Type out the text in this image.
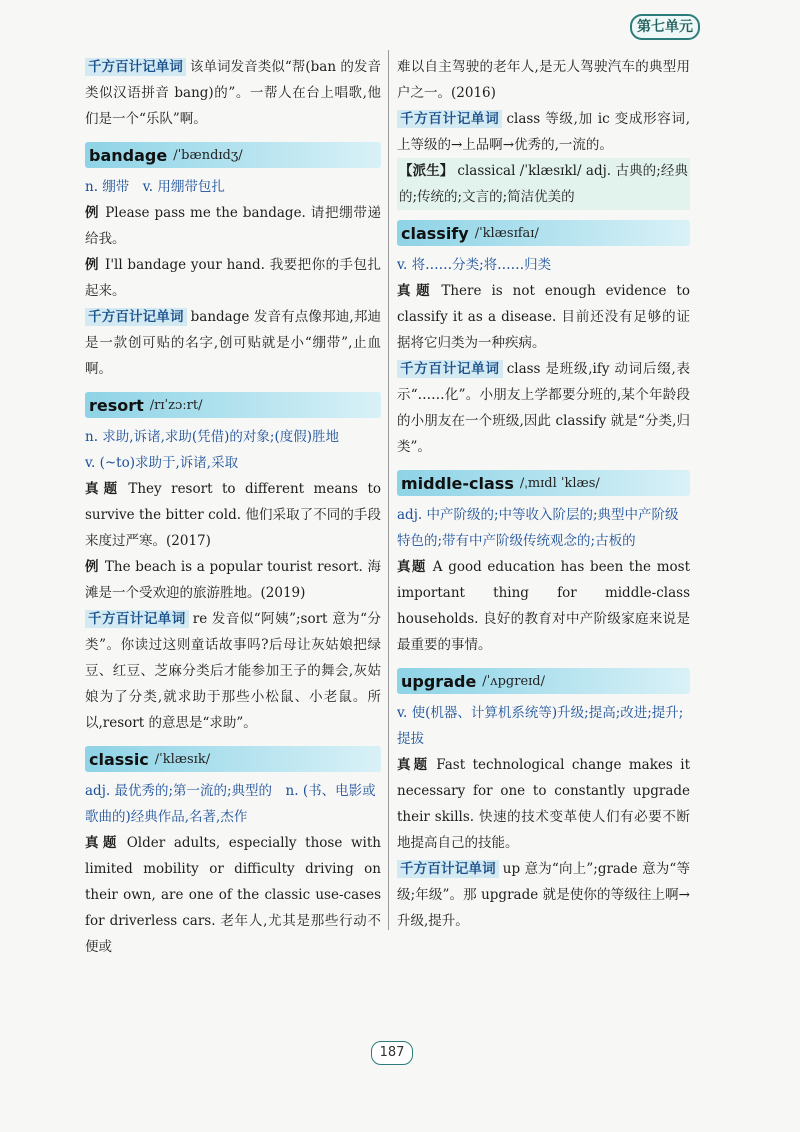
第七单元

千方百计记单词 该单词发音类似“帮(ban 的发音类似汉语拼音 bang)的”。一帮人在台上唱歌,他们是一个“乐队”啊。

bandage /ˈbændɪdʒ/

n. 绷带　v. 用绷带包扎

例 Please pass me the bandage. 请把绷带递给我。

例 I'll bandage your hand. 我要把你的手包扎起来。

千方百计记单词 bandage 发音有点像邦迪,邦迪是一款创可贴的名字,创可贴就是小“绷带”,止血啊。

resort /rɪˈzɔːrt/

n. 求助,诉诸,求助(凭借)的对象;(度假)胜地

v. (~to)求助于,诉诸,采取

真题 They resort to different means to survive the bitter cold. 他们采取了不同的手段来度过严寒。(2017)

例 The beach is a popular tourist resort. 海滩是一个受欢迎的旅游胜地。(2019)

千方百计记单词 re 发音似“阿姨”;sort 意为“分类”。你读过这则童话故事吗?后母让灰姑娘把绿豆、红豆、芝麻分类后才能参加王子的舞会,灰姑娘为了分类,就求助于那些小松鼠、小老鼠。所以,resort 的意思是“求助”。

classic /ˈklæsɪk/

adj. 最优秀的;第一流的;典型的　n. (书、电影或歌曲的)经典作品,名著,杰作

真题 Older adults, especially those with limited mobility or difficulty driving on their own, are one of the classic use-cases for driverless cars. 老年人,尤其是那些行动不便或

难以自主驾驶的老年人,是无人驾驶汽车的典型用户之一。(2016)

千方百计记单词 class 等级,加 ic 变成形容词,上等级的→上品啊→优秀的,一流的。

【派生】 classical /ˈklæsɪkl/ adj. 古典的;经典的;传统的;文言的;简洁优美的

classify /ˈklæsɪfaɪ/

v. 将……分类;将……归类

真题 There is not enough evidence to classify it as a disease. 目前还没有足够的证据将它归类为一种疾病。

千方百计记单词 class 是班级,ify 动词后缀,表示“……化”。小朋友上学都要分班的,某个年龄段的小朋友在一个班级,因此 classify 就是“分类,归类”。

middle-class /ˌmɪdl ˈklæs/

adj. 中产阶级的;中等收入阶层的;典型中产阶级特色的;带有中产阶级传统观念的;古板的

真题 A good education has been the most important thing for middle-class households. 良好的教育对中产阶级家庭来说是最重要的事情。

upgrade /ˈʌpgreɪd/

v. 使(机器、计算机系统等)升级;提高;改进;提升;提拔

真题 Fast technological change makes it necessary for one to constantly upgrade their skills. 快速的技术变革使人们有必要不断地提高自己的技能。

千方百计记单词 up 意为“向上”;grade 意为“等级;年级”。那 upgrade 就是使你的等级往上啊→升级,提升。

187
